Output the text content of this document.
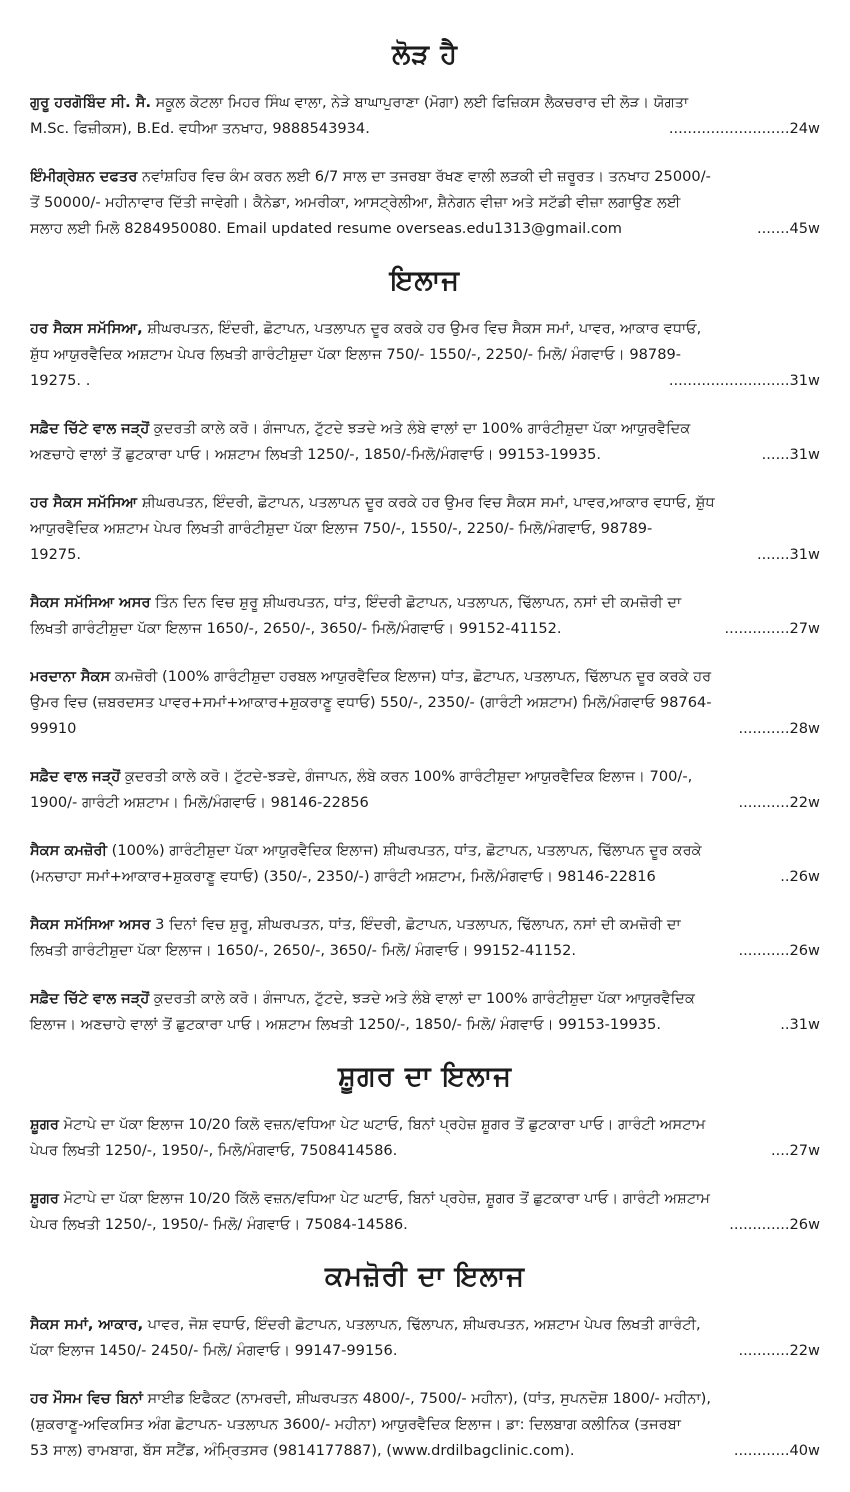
ਲੋੜ ਹੈ
ਗੁਰੂ ਹਰਗੋਬਿੰਦ ਸੀ. ਸੈ. ਸਕੂਲ ਕੋਟਲਾ ਮਿਹਰ ਸਿੰਘ ਵਾਲਾ, ਨੇੜੇ ਬਾਘਾਪੁਰਾਣਾ (ਮੋਗਾ) ਲਈ ਫਿਜ਼ਿਕਸ ਲੈਕਚਰਾਰ ਦੀ ਲੋੜ। ਯੋਗਤਾ
M.Sc. ਫਿਜ਼ੀਕਸ), B.Ed. ਵਧੀਆ ਤਨਖਾਹ, 9888543934.	..........................24w
ਇੰਮੀਗ੍ਰੇਸ਼ਨ ਦਫਤਰ ਨਵਾਂਸ਼ਹਿਰ ਵਿਚ ਕੰਮ ਕਰਨ ਲਈ 6/7 ਸਾਲ ਦਾ ਤਜਰਬਾ ਰੱਖਣ ਵਾਲੀ ਲੜਕੀ ਦੀ ਜ਼ਰੂਰਤ। ਤਨਖਾਹ 25000/-
ਤੋਂ 50000/- ਮਹੀਨਾਵਾਰ ਦਿੱਤੀ ਜਾਵੇਗੀ। ਕੈਨੇਡਾ, ਅਮਰੀਕਾ, ਆਸਟ੍ਰੇਲੀਆ, ਸ਼ੈਨੇਗਨ ਵੀਜ਼ਾ ਅਤੇ ਸਟੱਡੀ ਵੀਜ਼ਾ ਲਗਾਉਣ ਲਈ
ਸਲਾਹ ਲਈ ਮਿਲੋ 8284950080. Email updated resume overseas.edu1313@gmail.com	.......45w
ਇਲਾਜ
ਹਰ ਸੈਕਸ ਸਮੱਸਿਆ, ਸ਼ੀਘਰਪਤਨ, ਇੰਦਰੀ, ਛੋਟਾਪਨ, ਪਤਲਾਪਨ ਦੂਰ ਕਰਕੇ ਹਰ ਉਮਰ ਵਿਚ ਸੈਕਸ ਸਮਾਂ, ਪਾਵਰ, ਆਕਾਰ ਵਧਾਓ,
ਸ਼ੁੱਧ ਆਯੁਰਵੈਦਿਕ ਅਸ਼ਟਾਮ ਪੇਪਰ ਲਿਖਤੀ ਗਾਰੰਟੀਸ਼ੁਦਾ ਪੱਕਾ ਇਲਾਜ 750/- 1550/-, 2250/- ਮਿਲੋ/ ਮੰਗਵਾਓ। 98789-
19275. .	..........................31w
ਸਫ਼ੈਦ ਚਿੱਟੇ ਵਾਲ ਜੜ੍ਹੋਂ ਕੁਦਰਤੀ ਕਾਲੇ ਕਰੋ। ਗੰਜਾਪਨ, ਟੁੱਟਦੇ ਝੜਦੇ ਅਤੇ ਲੰਬੇ ਵਾਲਾਂ ਦਾ 100% ਗਾਰੰਟੀਸ਼ੁਦਾ ਪੱਕਾ ਆਯੁਰਵੈਦਿਕ
ਅਣਚਾਹੇ ਵਾਲਾਂ ਤੋਂ ਛੁਟਕਾਰਾ ਪਾਓ। ਅਸ਼ਟਾਮ ਲਿਖਤੀ 1250/-, 1850/-ਮਿਲੋ/ਮੰਗਵਾਓ। 99153-19935.	......31w
ਹਰ ਸੈਕਸ ਸਮੱਸਿਆ ਸ਼ੀਘਰਪਤਨ, ਇੰਦਰੀ, ਛੋਟਾਪਨ, ਪਤਲਾਪਨ ਦੂਰ ਕਰਕੇ ਹਰ ਉਮਰ ਵਿਚ ਸੈਕਸ ਸਮਾਂ, ਪਾਵਰ,ਆਕਾਰ ਵਧਾਓ, ਸ਼ੁੱਧ
ਆਯੁਰਵੈਦਿਕ ਅਸ਼ਟਾਮ ਪੇਪਰ ਲਿਖਤੀ ਗਾਰੰਟੀਸ਼ੁਦਾ ਪੱਕਾ ਇਲਾਜ 750/-, 1550/-, 2250/- ਮਿਲੋ/ਮੰਗਵਾਓ, 98789-
19275.	.......31w
ਸੈਕਸ ਸਮੱਸਿਆ ਅਸਰ ਤਿੰਨ ਦਿਨ ਵਿਚ ਸ਼ੁਰੂ ਸ਼ੀਘਰਪਤਨ, ਧਾਂਤ, ਇੰਦਰੀ ਛੋਟਾਪਨ, ਪਤਲਾਪਨ, ਢਿੱਲਾਪਨ, ਨਸਾਂ ਦੀ ਕਮਜ਼ੋਰੀ ਦਾ
ਲਿਖਤੀ ਗਾਰੰਟੀਸ਼ੁਦਾ ਪੱਕਾ ਇਲਾਜ 1650/-, 2650/-, 3650/- ਮਿਲੋ/ਮੰਗਵਾਓ। 99152-41152.	..............27w
ਮਰਦਾਨਾ ਸੈਕਸ ਕਮਜ਼ੋਰੀ (100% ਗਾਰੰਟੀਸ਼ੁਦਾ ਹਰਬਲ ਆਯੁਰਵੈਦਿਕ ਇਲਾਜ) ਧਾਂਤ, ਛੋਟਾਪਨ, ਪਤਲਾਪਨ, ਢਿੱਲਾਪਨ ਦੂਰ ਕਰਕੇ ਹਰ
ਉਮਰ ਵਿਚ (ਜ਼ਬਰਦਸਤ ਪਾਵਰ+ਸਮਾਂ+ਆਕਾਰ+ਸ਼ੁਕਰਾਣੂ ਵਧਾਓ) 550/-, 2350/- (ਗਾਰੰਟੀ ਅਸ਼ਟਾਮ) ਮਿਲੋ/ਮੰਗਵਾਓ 98764-
99910	...........28w
ਸਫ਼ੈਦ ਵਾਲ ਜੜ੍ਹੋਂ ਕੁਦਰਤੀ ਕਾਲੇ ਕਰੋ। ਟੁੱਟਦੇ-ਝੜਦੇ, ਗੰਜਾਪਨ, ਲੰਬੇ ਕਰਨ 100% ਗਾਰੰਟੀਸ਼ੁਦਾ ਆਯੁਰਵੈਦਿਕ ਇਲਾਜ। 700/-,
1900/- ਗਾਰੰਟੀ ਅਸ਼ਟਾਮ। ਮਿਲੋ/ਮੰਗਵਾਓ। 98146-22856	...........22w
ਸੈਕਸ ਕਮਜ਼ੋਰੀ (100%) ਗਾਰੰਟੀਸ਼ੁਦਾ ਪੱਕਾ ਆਯੁਰਵੈਦਿਕ ਇਲਾਜ) ਸ਼ੀਘਰਪਤਨ, ਧਾਂਤ, ਛੋਟਾਪਨ, ਪਤਲਾਪਨ, ਢਿੱਲਾਪਨ ਦੂਰ ਕਰਕੇ
(ਮਨਚਾਹਾ ਸਮਾਂ+ਆਕਾਰ+ਸ਼ੁਕਰਾਣੂ ਵਧਾਓ) (350/-, 2350/-) ਗਾਰੰਟੀ ਅਸ਼ਟਾਮ, ਮਿਲੋ/ਮੰਗਵਾਓ। 98146-22816	..26w
ਸੈਕਸ ਸਮੱਸਿਆ ਅਸਰ 3 ਦਿਨਾਂ ਵਿਚ ਸ਼ੁਰੂ, ਸ਼ੀਘਰਪਤਨ, ਧਾਂਤ, ਇੰਦਰੀ, ਛੋਟਾਪਨ, ਪਤਲਾਪਨ, ਢਿੱਲਾਪਨ, ਨਸਾਂ ਦੀ ਕਮਜ਼ੋਰੀ ਦਾ
ਲਿਖਤੀ ਗਾਰੰਟੀਸ਼ੁਦਾ ਪੱਕਾ ਇਲਾਜ। 1650/-, 2650/-, 3650/- ਮਿਲੋ/ ਮੰਗਵਾਓ। 99152-41152.	...........26w
ਸਫ਼ੈਦ ਚਿੱਟੇ ਵਾਲ ਜੜ੍ਹੋਂ ਕੁਦਰਤੀ ਕਾਲੇ ਕਰੋ। ਗੰਜਾਪਨ, ਟੁੱਟਦੇ, ਝੜਦੇ ਅਤੇ ਲੰਬੇ ਵਾਲਾਂ ਦਾ 100% ਗਾਰੰਟੀਸ਼ੁਦਾ ਪੱਕਾ ਆਯੁਰਵੈਦਿਕ
ਇਲਾਜ। ਅਣਚਾਹੇ ਵਾਲਾਂ ਤੋਂ ਛੁਟਕਾਰਾ ਪਾਓ। ਅਸ਼ਟਾਮ ਲਿਖਤੀ 1250/-, 1850/- ਮਿਲੋ/ ਮੰਗਵਾਓ। 99153-19935.	..31w
ਸ਼ੂਗਰ ਦਾ ਇਲਾਜ
ਸ਼ੂਗਰ ਮੋਟਾਪੇ ਦਾ ਪੱਕਾ ਇਲਾਜ 10/20 ਕਿਲੋ ਵਜ਼ਨ/ਵਧਿਆ ਪੇਟ ਘਟਾਓ, ਬਿਨਾਂ ਪ੍ਰਹੇਜ਼ ਸ਼ੂਗਰ ਤੋਂ ਛੁਟਕਾਰਾ ਪਾਓ। ਗਾਰੰਟੀ ਅਸਟਾਮ
ਪੇਪਰ ਲਿਖਤੀ 1250/-, 1950/-, ਮਿਲੋ/ਮੰਗਵਾਓ, 7508414586.	....27w
ਸ਼ੂਗਰ ਮੋਟਾਪੇ ਦਾ ਪੱਕਾ ਇਲਾਜ 10/20 ਕਿੱਲੋ ਵਜ਼ਨ/ਵਧਿਆ ਪੇਟ ਘਟਾਓ, ਬਿਨਾਂ ਪ੍ਰਹੇਜ਼, ਸ਼ੂਗਰ ਤੋਂ ਛੁਟਕਾਰਾ ਪਾਓ। ਗਾਰੰਟੀ ਅਸ਼ਟਾਮ
ਪੇਪਰ ਲਿਖਤੀ 1250/-, 1950/- ਮਿਲੋ/ ਮੰਗਵਾਓ। 75084-14586.	.............26w
ਕਮਜ਼ੋਰੀ ਦਾ ਇਲਾਜ
ਸੈਕਸ ਸਮਾਂ, ਆਕਾਰ, ਪਾਵਰ, ਜੋਸ਼ ਵਧਾਓ, ਇੰਦਰੀ ਛੋਟਾਪਨ, ਪਤਲਾਪਨ, ਢਿੱਲਾਪਨ, ਸ਼ੀਘਰਪਤਨ, ਅਸ਼ਟਾਮ ਪੇਪਰ ਲਿਖਤੀ ਗਾਰੰਟੀ,
ਪੱਕਾ ਇਲਾਜ 1450/- 2450/- ਮਿਲੋ/ ਮੰਗਵਾਓ। 99147-99156.	...........22w
ਹਰ ਮੌਸਮ ਵਿਚ ਬਿਨਾਂ ਸਾਈਡ ਇਫੈਕਟ (ਨਾਮਰਦੀ, ਸ਼ੀਘਰਪਤਨ 4800/-, 7500/- ਮਹੀਨਾ), (ਧਾਂਤ, ਸੁਪਨਦੋਸ਼ 1800/- ਮਹੀਨਾ),
(ਸ਼ੁਕਰਾਣੂ-ਅਵਿਕਸਿਤ ਅੰਗ ਛੋਟਾਪਨ- ਪਤਲਾਪਨ 3600/- ਮਹੀਨਾ) ਆਯੁਰਵੈਦਿਕ ਇਲਾਜ। ਡਾ: ਦਿਲਬਾਗ ਕਲੀਨਿਕ (ਤਜਰਬਾ
53 ਸਾਲ) ਰਾਮਬਾਗ, ਬੱਸ ਸਟੈਂਡ, ਅੰਮ੍ਰਿਤਸਰ (9814177887), (www.drdilbagclinic.com).	............40w
